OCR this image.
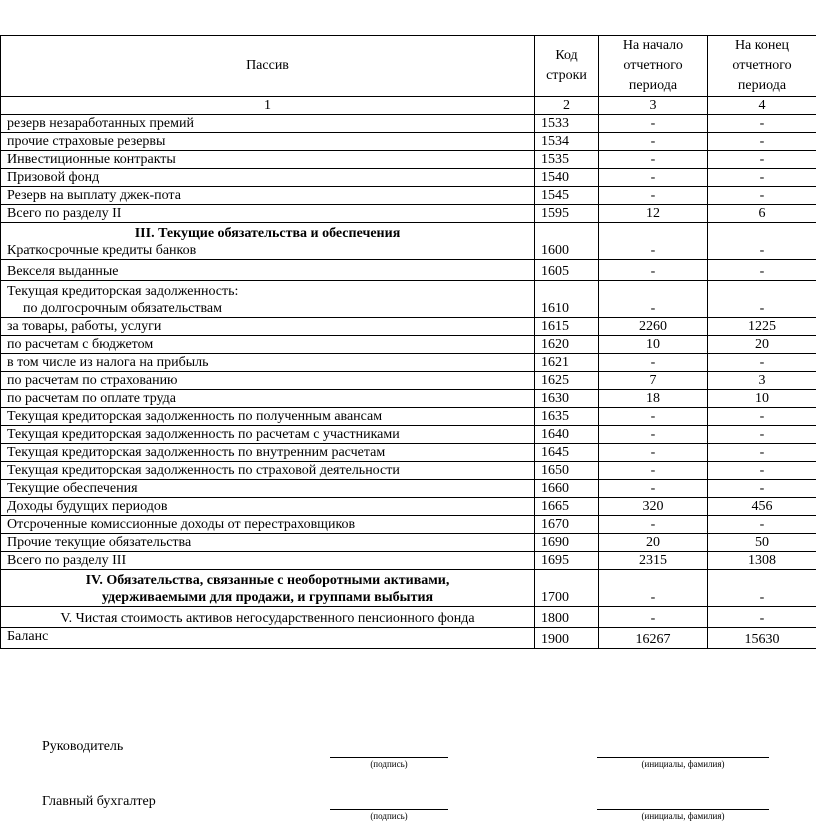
Пассив	Код строки	На начало отчетного периода	На конец отчетного периода
1	2	3	4
резерв незаработанных премий	1533	-	-
прочие страховые резервы	1534	-	-
Инвестиционные контракты	1535	-	-
Призовой фонд	1540	-	-
Резерв на выплату джек-пота	1545	-	-
Всего по разделу II	1595	12	6

III. Текущие обязательства и обеспечения
Краткосрочные кредиты банков	1600	-	-
Векселя выданные	1605	-	-

Текущая кредиторская задолженность:
по долгосрочным обязательствам	1610	-	-
за товары, работы, услуги	1615	2260	1225
по расчетам с бюджетом	1620	10	20
в том числе из налога на прибыль	1621	-	-
по расчетам по страхованию	1625	7	3
по расчетам по оплате труда	1630	18	10
Текущая кредиторская задолженность по полученным авансам	1635	-	-
Текущая кредиторская задолженность по расчетам с участниками	1640	-	-
Текущая кредиторская задолженность по внутренним расчетам	1645	-	-
Текущая кредиторская задолженность по страховой деятельности	1650	-	-
Текущие обеспечения	1660	-	-
Доходы будущих периодов	1665	320	456
Отсроченные комиссионные доходы от перестраховщиков	1670	-	-
Прочие текущие обязательства	1690	20	50
Всего по разделу III	1695	2315	1308

IV. Обязательства, связанные с необоротными активами,
удерживаемыми для продажи, и группами выбытия	1700	-	-
V. Чистая стоимость активов негосударственного пенсионного фонда	1800	-	-
Баланс	1900	16267	15630
Руководитель
(подпись)	(инициалы, фамилия)
Главный бухгалтер
(подпись)	(инициалы, фамилия)
